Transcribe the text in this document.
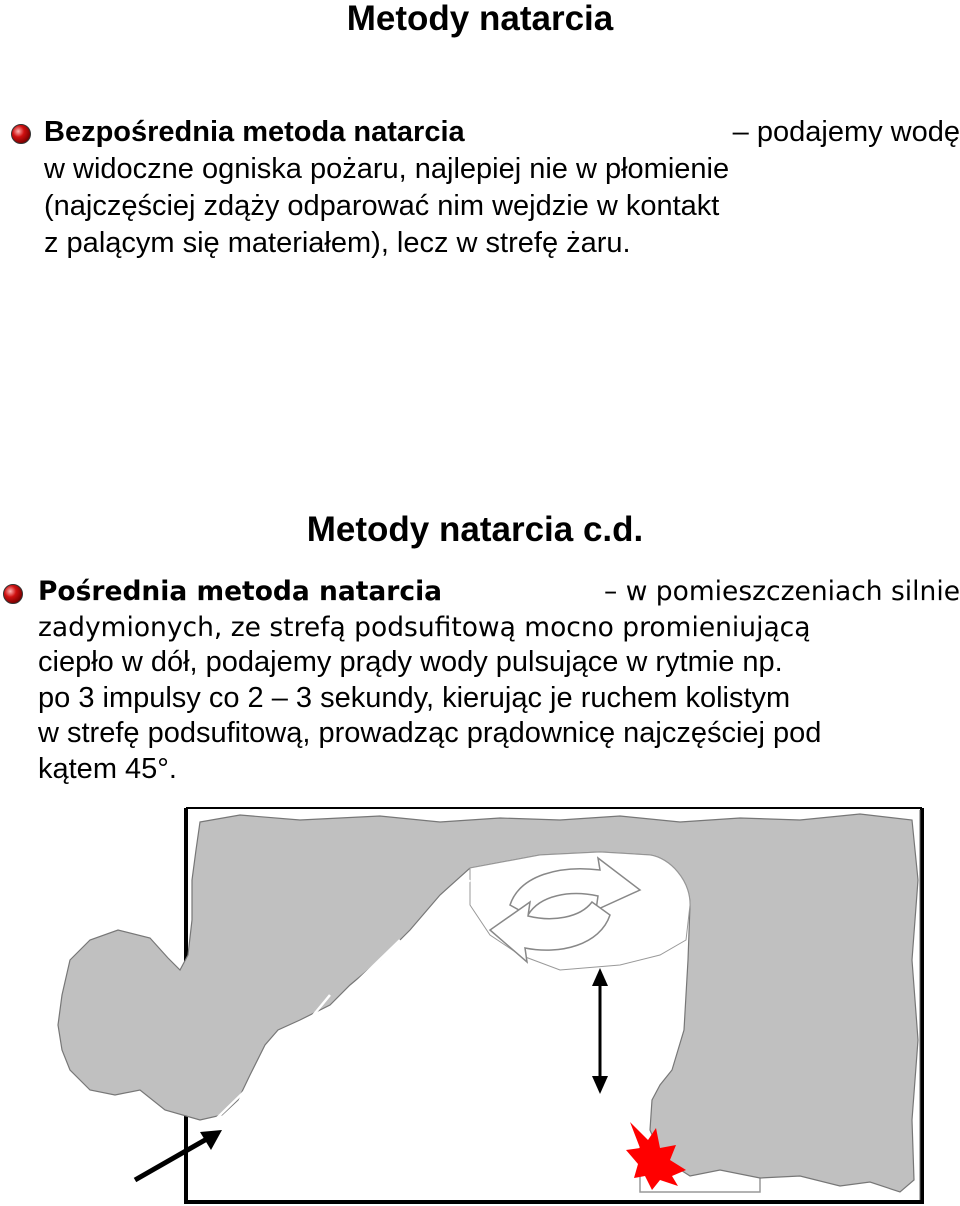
Metody natarcia
Bezpośrednia metoda natarcia	– podajemy wodę
w widoczne ogniska pożaru, najlepiej nie w płomienie
(najczęściej zdąży odparować nim wejdzie w kontakt
z palącym się materiałem), lecz w strefę żaru.
Metody natarcia c.d.
Pośrednia metoda natarcia	– w pomieszczeniach silnie
zadymionych, ze strefą podsufitową mocno promieniującą
ciepło w dół, podajemy prądy wody pulsujące w rytmie np.
po 3 impulsy co 2 – 3 sekundy, kierując je ruchem kolistym
w strefę podsufitową, prowadząc prądownicę najczęściej pod
kątem 45°.
